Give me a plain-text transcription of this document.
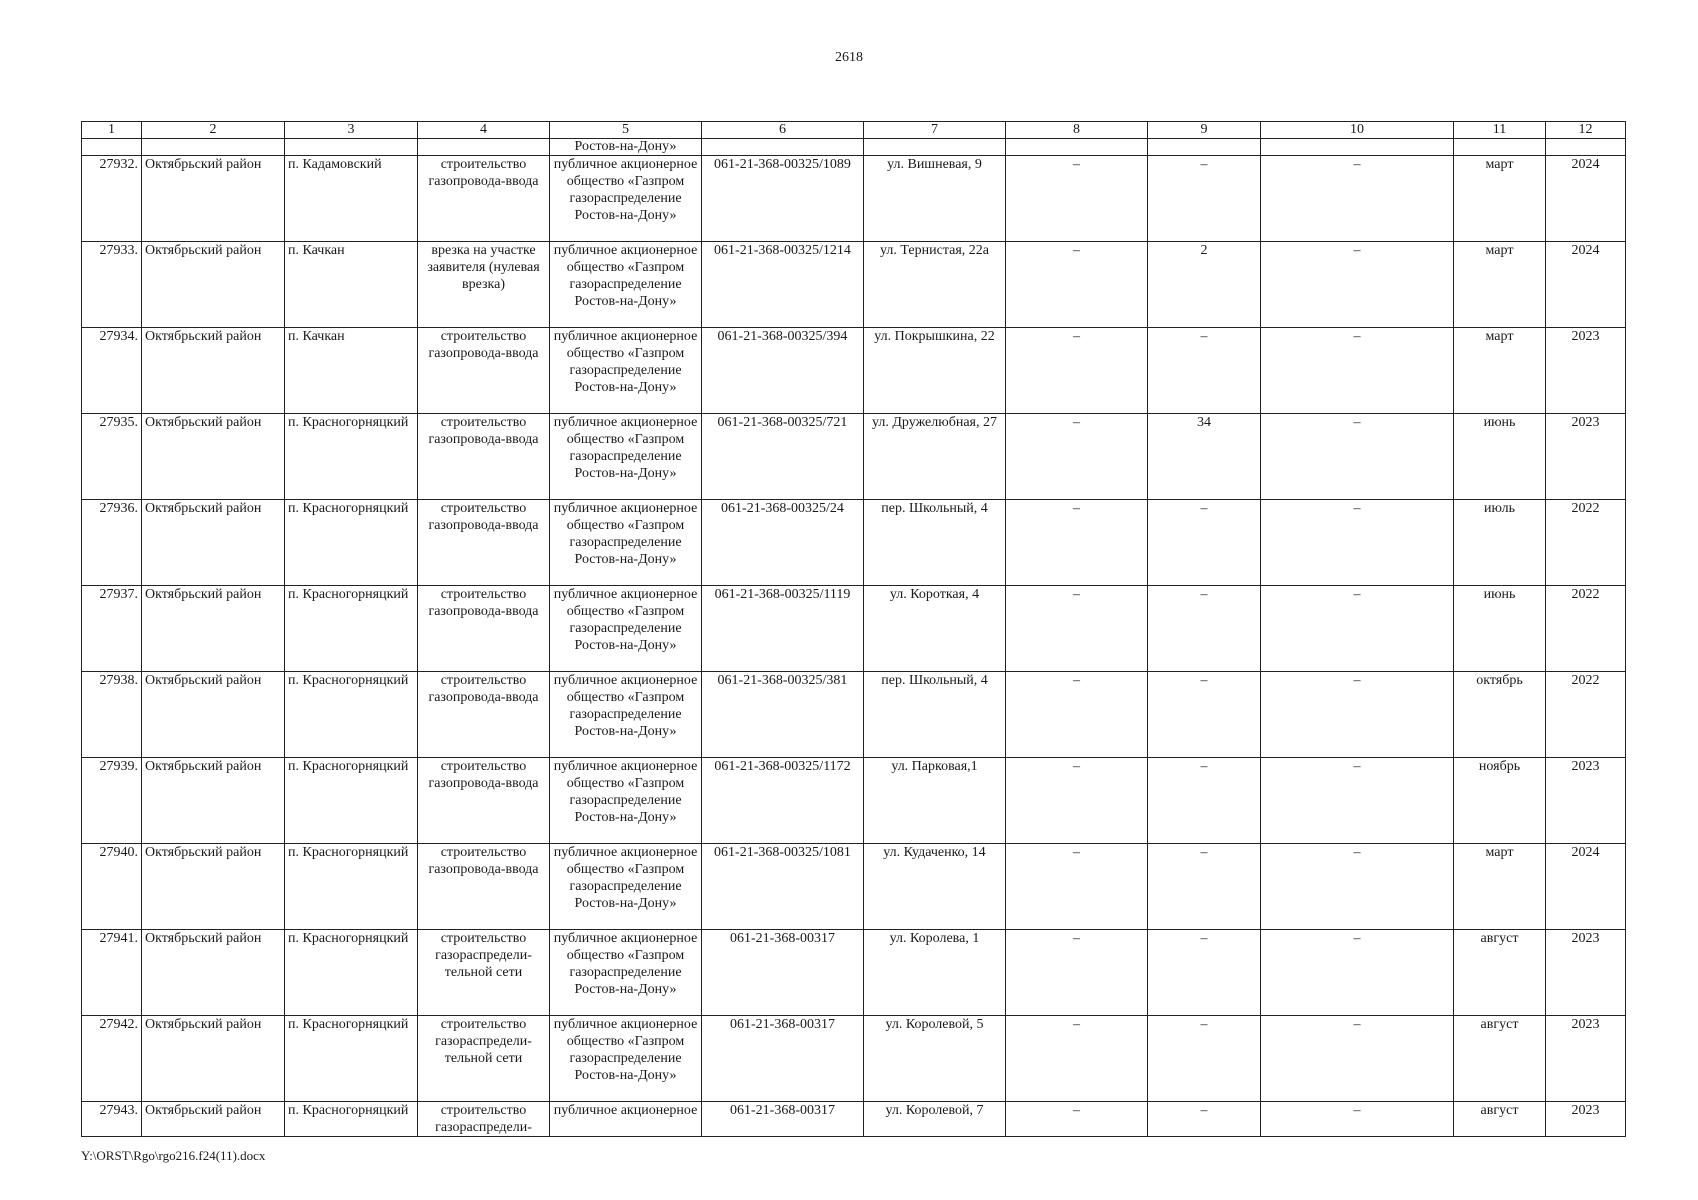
2618
1	2	3	4	5	6	7	8	9	10	11	12
				Ростов-на-Дону»							
27932.	Октябрьский район	п. Кадамовский	строительство газопровода-ввода	публичное акционерное общество «Газпром газораспределение Ростов-на-Дону»	061-21-368-00325/1089	ул. Вишневая, 9	–	–	–	март	2024
27933.	Октябрьский район	п. Качкан	врезка на участке заявителя (нулевая врезка)	публичное акционерное общество «Газпром газораспределение Ростов-на-Дону»	061-21-368-00325/1214	ул. Тернистая, 22а	–	2	–	март	2024
27934.	Октябрьский район	п. Качкан	строительство газопровода-ввода	публичное акционерное общество «Газпром газораспределение Ростов-на-Дону»	061-21-368-00325/394	ул. Покрышкина, 22	–	–	–	март	2023
27935.	Октябрьский район	п. Красногорняцкий	строительство газопровода-ввода	публичное акционерное общество «Газпром газораспределение Ростов-на-Дону»	061-21-368-00325/721	ул. Дружелюбная, 27	–	34	–	июнь	2023
27936.	Октябрьский район	п. Красногорняцкий	строительство газопровода-ввода	публичное акционерное общество «Газпром газораспределение Ростов-на-Дону»	061-21-368-00325/24	пер. Школьный, 4	–	–	–	июль	2022
27937.	Октябрьский район	п. Красногорняцкий	строительство газопровода-ввода	публичное акционерное общество «Газпром газораспределение Ростов-на-Дону»	061-21-368-00325/1119	ул. Короткая, 4	–	–	–	июнь	2022
27938.	Октябрьский район	п. Красногорняцкий	строительство газопровода-ввода	публичное акционерное общество «Газпром газораспределение Ростов-на-Дону»	061-21-368-00325/381	пер. Школьный, 4	–	–	–	октябрь	2022
27939.	Октябрьский район	п. Красногорняцкий	строительство газопровода-ввода	публичное акционерное общество «Газпром газораспределение Ростов-на-Дону»	061-21-368-00325/1172	ул. Парковая,1	–	–	–	ноябрь	2023
27940.	Октябрьский район	п. Красногорняцкий	строительство газопровода-ввода	публичное акционерное общество «Газпром газораспределение Ростов-на-Дону»	061-21-368-00325/1081	ул. Кудаченко, 14	–	–	–	март	2024
27941.	Октябрьский район	п. Красногорняцкий	строительство газораспредели-тельной сети	публичное акционерное общество «Газпром газораспределение Ростов-на-Дону»	061-21-368-00317	ул. Королева, 1	–	–	–	август	2023
27942.	Октябрьский район	п. Красногорняцкий	строительство газораспредели-тельной сети	публичное акционерное общество «Газпром газораспределение Ростов-на-Дону»	061-21-368-00317	ул. Королевой, 5	–	–	–	август	2023
27943.	Октябрьский район	п. Красногорняцкий	строительство газораспредели-	публичное акционерное	061-21-368-00317	ул. Королевой, 7	–	–	–	август	2023
Y:\ORST\Rgo\rgo216.f24(11).docx
